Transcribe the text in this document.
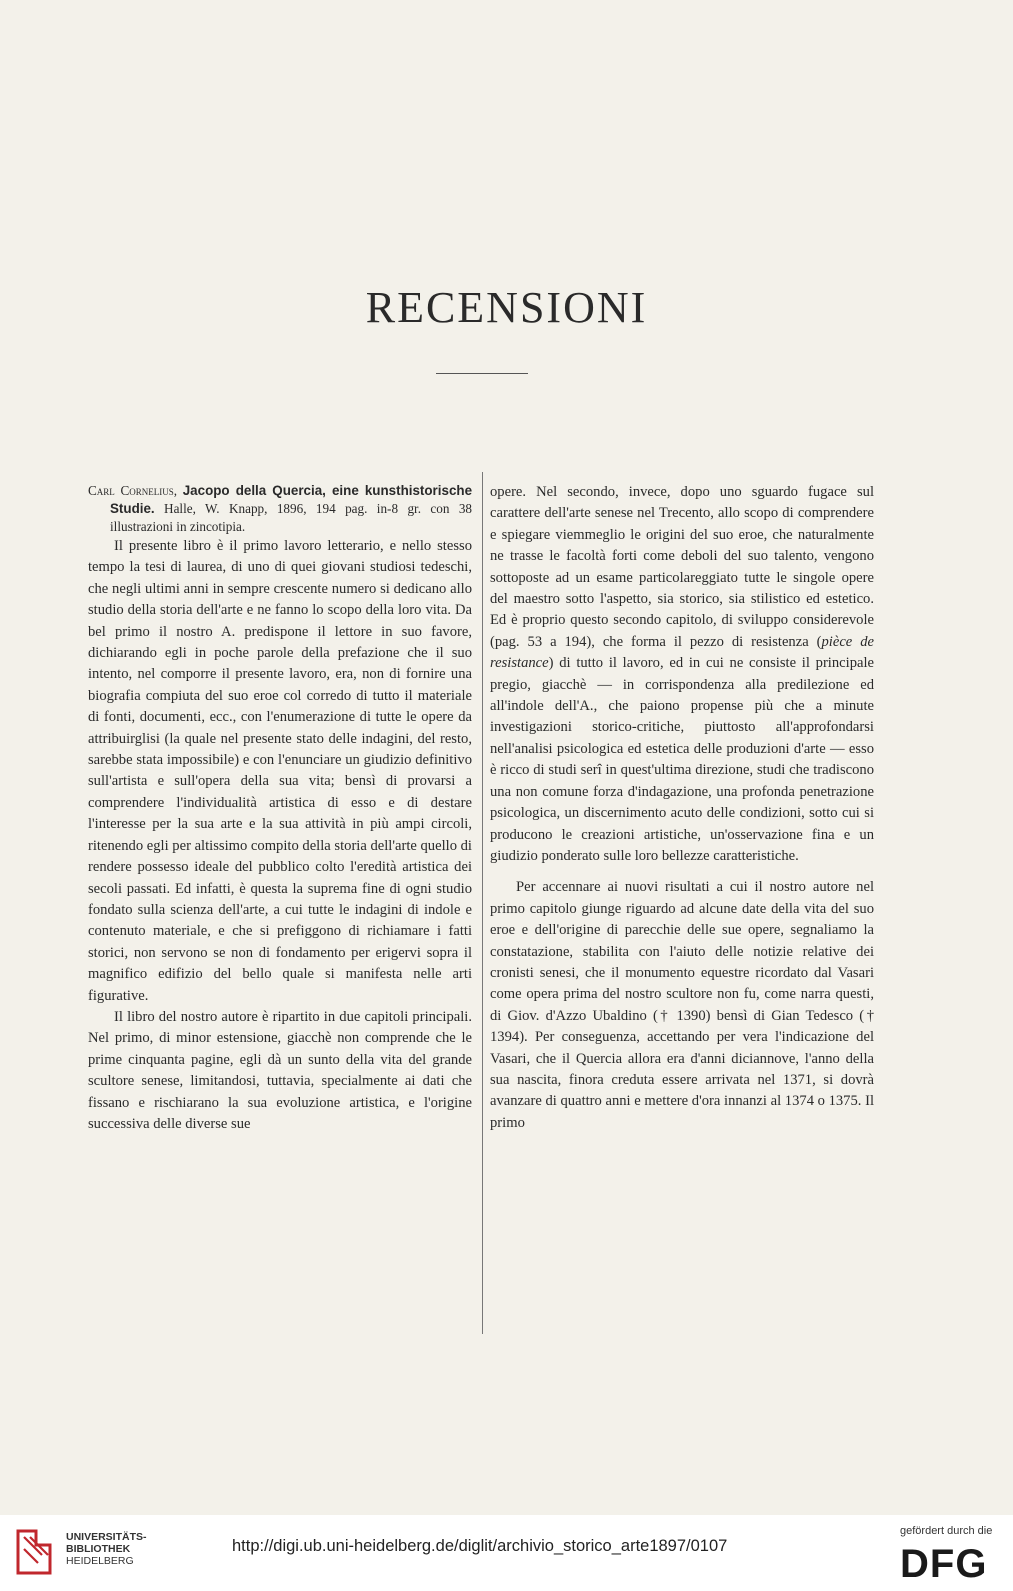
RECENSIONI

Carl Cornelius, Jacopo della Quercia, eine kunsthistorische Studie. Halle, W. Knapp, 1896, 194 pag. in-8 gr. con 38 illustrazioni in zincotipia.

Il presente libro è il primo lavoro letterario, e nello stesso tempo la tesi di laurea, di uno di quei giovani studiosi tedeschi, che negli ultimi anni in sempre crescente numero si dedicano allo studio della storia dell'arte e ne fanno lo scopo della loro vita. Da bel primo il nostro A. predispone il lettore in suo favore, dichiarando egli in poche parole della prefazione che il suo intento, nel comporre il presente lavoro, era, non di fornire una biografia compiuta del suo eroe col corredo di tutto il materiale di fonti, documenti, ecc., con l'enumerazione di tutte le opere da attribuirglisi (la quale nel presente stato delle indagini, del resto, sarebbe stata impossibile) e con l'enunciare un giudizio definitivo sull'artista e sull'opera della sua vita; bensì di provarsi a comprendere l'individualità artistica di esso e di destare l'interesse per la sua arte e la sua attività in più ampi circoli, ritenendo egli per altissimo compito della storia dell'arte quello di rendere possesso ideale del pubblico colto l'eredità artistica dei secoli passati. Ed infatti, è questa la suprema fine di ogni studio fondato sulla scienza dell'arte, a cui tutte le indagini di indole e contenuto materiale, e che si prefiggono di richiamare i fatti storici, non servono se non di fondamento per erigervi sopra il magnifico edifizio del bello quale si manifesta nelle arti figurative.

Il libro del nostro autore è ripartito in due capitoli principali. Nel primo, di minor estensione, giacchè non comprende che le prime cinquanta pagine, egli dà un sunto della vita del grande scultore senese, limitandosi, tuttavia, specialmente ai dati che fissano e rischiarano la sua evoluzione artistica, e l'origine successiva delle diverse sue

opere. Nel secondo, invece, dopo uno sguardo fugace sul carattere dell'arte senese nel Trecento, allo scopo di comprendere e spiegare viemmeglio le origini del suo eroe, che naturalmente ne trasse le facoltà forti come deboli del suo talento, vengono sottoposte ad un esame particolareggiato tutte le singole opere del maestro sotto l'aspetto, sia storico, sia stilistico ed estetico. Ed è proprio questo secondo capitolo, di sviluppo considerevole (pag. 53 a 194), che forma il pezzo di resistenza (pièce de resistance) di tutto il lavoro, ed in cui ne consiste il principale pregio, giacchè — in corrispondenza alla predilezione ed all'indole dell'A., che paiono propense più che a minute investigazioni storico-critiche, piuttosto all'approfondarsi nell'analisi psicologica ed estetica delle produzioni d'arte — esso è ricco di studi serî in quest'ultima direzione, studi che tradiscono una non comune forza d'indagazione, una profonda penetrazione psicologica, un discernimento acuto delle condizioni, sotto cui si producono le creazioni artistiche, un'osservazione fina e un giudizio ponderato sulle loro bellezze caratteristiche.

Per accennare ai nuovi risultati a cui il nostro autore nel primo capitolo giunge riguardo ad alcune date della vita del suo eroe e dell'origine di parecchie delle sue opere, segnaliamo la constatazione, stabilita con l'aiuto delle notizie relative dei cronisti senesi, che il monumento equestre ricordato dal Vasari come opera prima del nostro scultore non fu, come narra questi, di Giov. d'Azzo Ubaldino († 1390) bensì di Gian Tedesco († 1394). Per conseguenza, accettando per vera l'indicazione del Vasari, che il Quercia allora era d'anni diciannove, l'anno della sua nascita, finora creduta essere arrivata nel 1371, si dovrà avanzare di quattro anni e mettere d'ora innanzi al 1374 o 1375. Il primo

UNIVERSITÄTS-
BIBLIOTHEK
HEIDELBERG
http://digi.ub.uni-heidelberg.de/diglit/archivio_storico_arte1897/0107
gefördert durch die
DFG
